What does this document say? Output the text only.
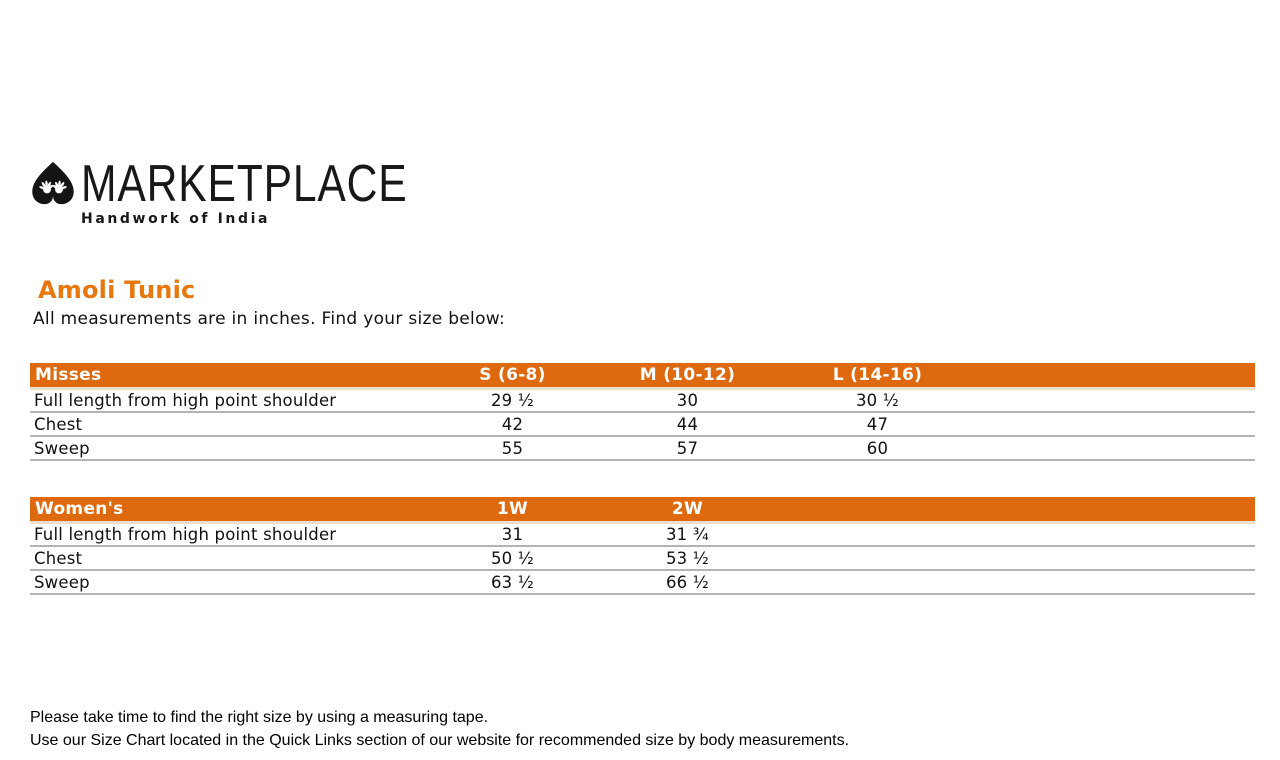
MARKETPLACE
Handwork of India
Amoli Tunic
All measurements are in inches. Find your size below:
Misses	S (6-8)	M (10-12)	L (14-16)	
Full length from high point shoulder	29 ½	30	30 ½	
Chest	42	44	47	
Sweep	55	57	60	
Women's	1W	2W	
Full length from high point shoulder	31	31 ¾	
Chest	50 ½	53 ½	
Sweep	63 ½	66 ½	
Please take time to find the right size by using a measuring tape.
Use our Size Chart located in the Quick Links section of our website for recommended size by body measurements.
